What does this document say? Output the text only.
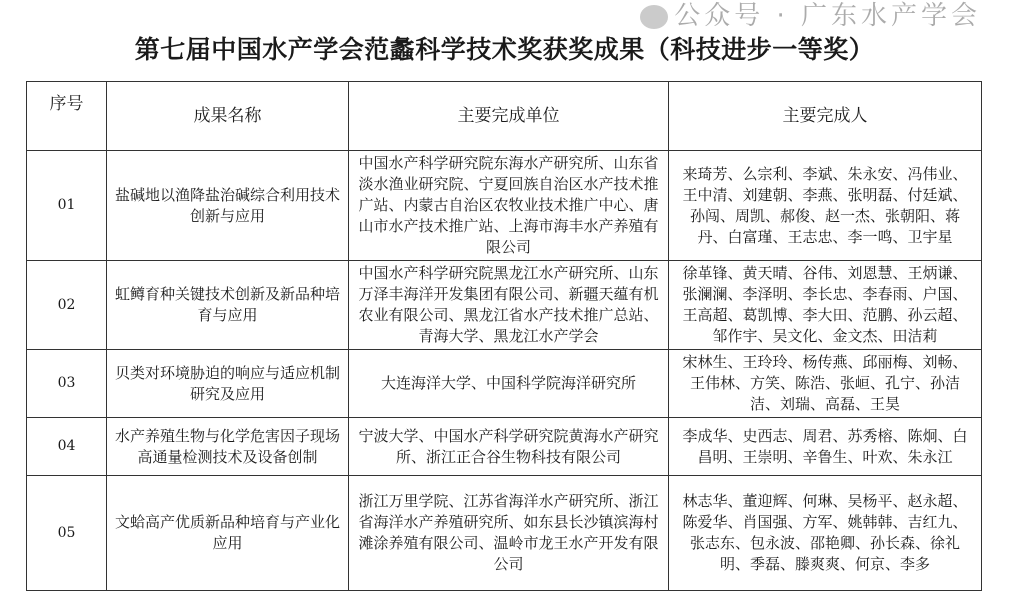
公众号 · 广东水产学会
第七届中国水产学会范蠡科学技术奖获奖成果（科技进步一等奖）
序号	成果名称	主要完成单位	主要完成人
01	盐碱地以渔降盐治碱综合利用技术创新与应用	中国水产科学研究院东海水产研究所、山东省淡水渔业研究院、宁夏回族自治区水产技术推广站、内蒙古自治区农牧业技术推广中心、唐山市水产技术推广站、上海市海丰水产养殖有限公司	来琦芳、么宗利、李斌、朱永安、冯伟业、王中清、刘建朝、李燕、张明磊、付廷斌、孙闯、周凯、郝俊、赵一杰、张朝阳、蒋丹、白富瑾、王志忠、李一鸣、卫宇星
02	虹鳟育种关键技术创新及新品种培育与应用	中国水产科学研究院黑龙江水产研究所、山东万泽丰海洋开发集团有限公司、新疆天蕴有机农业有限公司、黑龙江省水产技术推广总站、青海大学、黑龙江水产学会	徐革锋、黄天晴、谷伟、刘恩慧、王炳谦、张澜澜、李泽明、李长忠、李春雨、户国、王高超、葛凯博、李大田、范鹏、孙云超、邹作宇、吴文化、金文杰、田洁莉
03	贝类对环境胁迫的响应与适应机制研究及应用	大连海洋大学、中国科学院海洋研究所	宋林生、王玲玲、杨传燕、邱丽梅、刘畅、王伟林、方笑、陈浩、张峘、孔宁、孙洁洁、刘瑞、高磊、王昊
04	水产养殖生物与化学危害因子现场高通量检测技术及设备创制	宁波大学、中国水产科学研究院黄海水产研究所、浙江正合谷生物科技有限公司	李成华、史西志、周君、苏秀榕、陈炯、白昌明、王崇明、辛鲁生、叶欢、朱永江
05	文蛤高产优质新品种培育与产业化应用	浙江万里学院、江苏省海洋水产研究所、浙江省海洋水产养殖研究所、如东县长沙镇滨海村滩涂养殖有限公司、温岭市龙王水产开发有限公司	林志华、董迎辉、何琳、吴杨平、赵永超、陈爱华、肖国强、方军、姚韩韩、吉红九、张志东、包永波、邵艳卿、孙长森、徐礼明、季磊、滕爽爽、何京、李多
